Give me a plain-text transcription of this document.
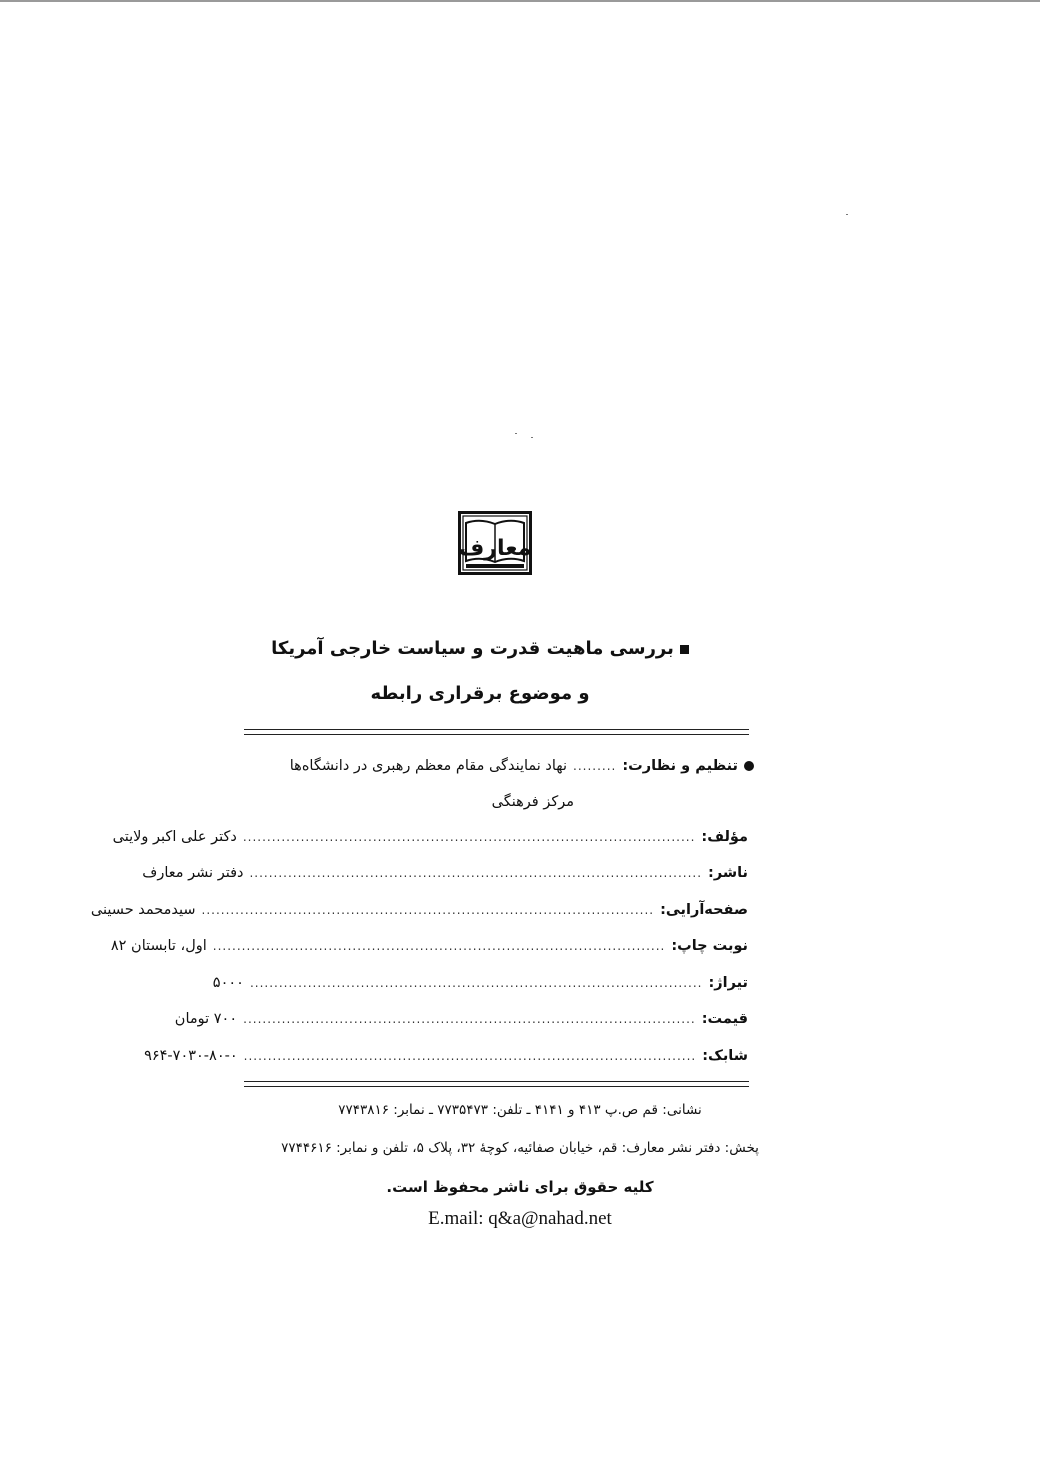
معارف
بررسی ماهیت قدرت و سیاست خارجی آمریکا
و موضوع برقراری رابطه
تنظیم و نظارت:
.........
نهاد نمایندگی مقام معظم رهبری در دانشگاه‌ها
مرکز فرهنگی
مؤلف:
..............................................................................................
دکتر علی اکبر ولایتی
ناشر:
..............................................................................................
دفتر نشر معارف
صفحه‌آرایی:
..............................................................................................
سیدمحمد حسینی
نوبت چاپ:
..............................................................................................
اول، تابستان ۸۲
تیراژ:
..............................................................................................
۵۰۰۰
قیمت:
..............................................................................................
۷۰۰ تومان
شابک:
..............................................................................................
۹۶۴-۷۰۳۰-۸۰-۰
نشانی: قم ص.پ ۴۱۳ و ۴۱۴۱ ـ تلفن: ۷۷۳۵۴۷۳ ـ نمابر: ۷۷۴۳۸۱۶
پخش: دفتر نشر معارف: قم، خیابان صفائیه، کوچهٔ ۳۲، پلاک ۵، تلفن و نمابر: ۷۷۴۴۶۱۶
کلیه حقوق برای ناشر محفوظ است.
E.mail: q&a@nahad.net
